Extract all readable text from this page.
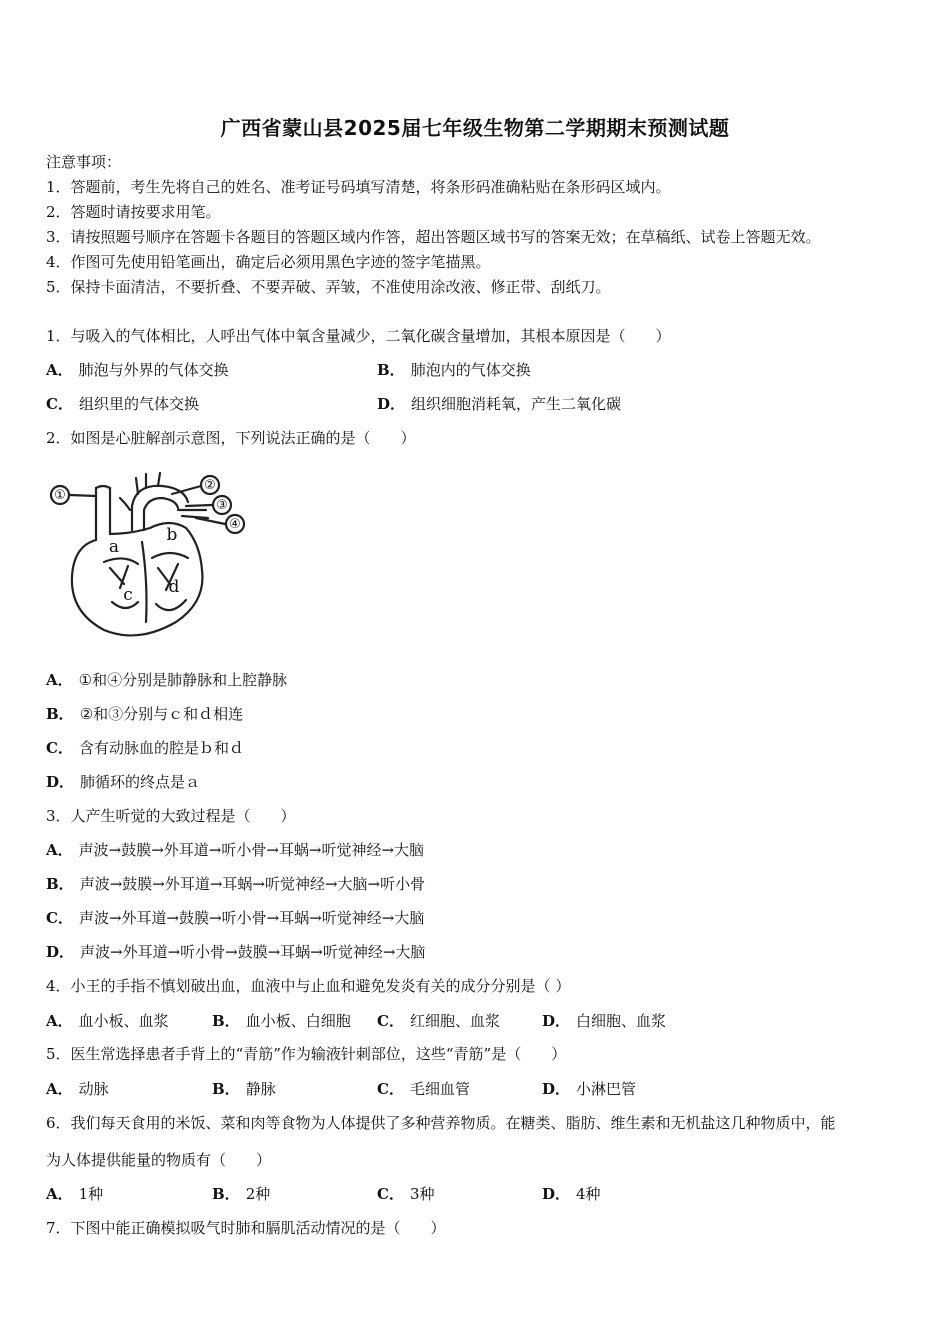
广西省蒙山县2025届七年级生物第二学期期末预测试题
注意事项：
1．答题前，考生先将自己的姓名、准考证号码填写清楚，将条形码准确粘贴在条形码区域内。
2．答题时请按要求用笔。
3．请按照题号顺序在答题卡各题目的答题区域内作答，超出答题区域书写的答案无效；在草稿纸、试卷上答题无效。
4．作图可先使用铅笔画出，确定后必须用黑色字迹的签字笔描黑。
5．保持卡面清洁，不要折叠、不要弄破、弄皱，不准使用涂改液、修正带、刮纸刀。
1．与吸入的气体相比，人呼出气体中氧含量减少，二氧化碳含量增加，其根本原因是（　　）
A． 肺泡与外界的气体交换	B． 肺泡内的气体交换
C． 组织里的气体交换	D． 组织细胞消耗氧，产生二氧化碳
2．如图是心脏解剖示意图，下列说法正确的是（　　）
①
②
③
④
a
b
c d
A． ①和④分别是肺静脉和上腔静脉
B． ②和③分别与ｃ和ｄ相连
C． 含有动脉血的腔是ｂ和ｄ
D． 肺循环的终点是ａ
3．人产生听觉的大致过程是（　　）
A． 声波→鼓膜→外耳道→听小骨→耳蜗→听觉神经→大脑
B． 声波→鼓膜→外耳道→耳蜗→听觉神经→大脑→听小骨
C． 声波→外耳道→鼓膜→听小骨→耳蜗→听觉神经→大脑
D． 声波→外耳道→听小骨→鼓膜→耳蜗→听觉神经→大脑
4．小王的手指不慎划破出血，血液中与止血和避免发炎有关的成分分别是（ ）
A． 血小板、血浆	B． 血小板、白细胞 C． 红细胞、血浆	D． 白细胞、血浆
5．医生常选择患者手背上的“青筋”作为输液针刺部位，这些“青筋”是（　　）
A． 动脉	B． 静脉	C． 毛细血管	D． 小淋巴管
6．我们每天食用的米饭、菜和肉等食物为人体提供了多种营养物质。在糖类、脂肪、维生素和无机盐这几种物质中，能
为人体提供能量的物质有（　　）
A． 1种	B． 2种	C． 3种	D． 4种
7．下图中能正确模拟吸气时肺和膈肌活动情况的是（　　）
